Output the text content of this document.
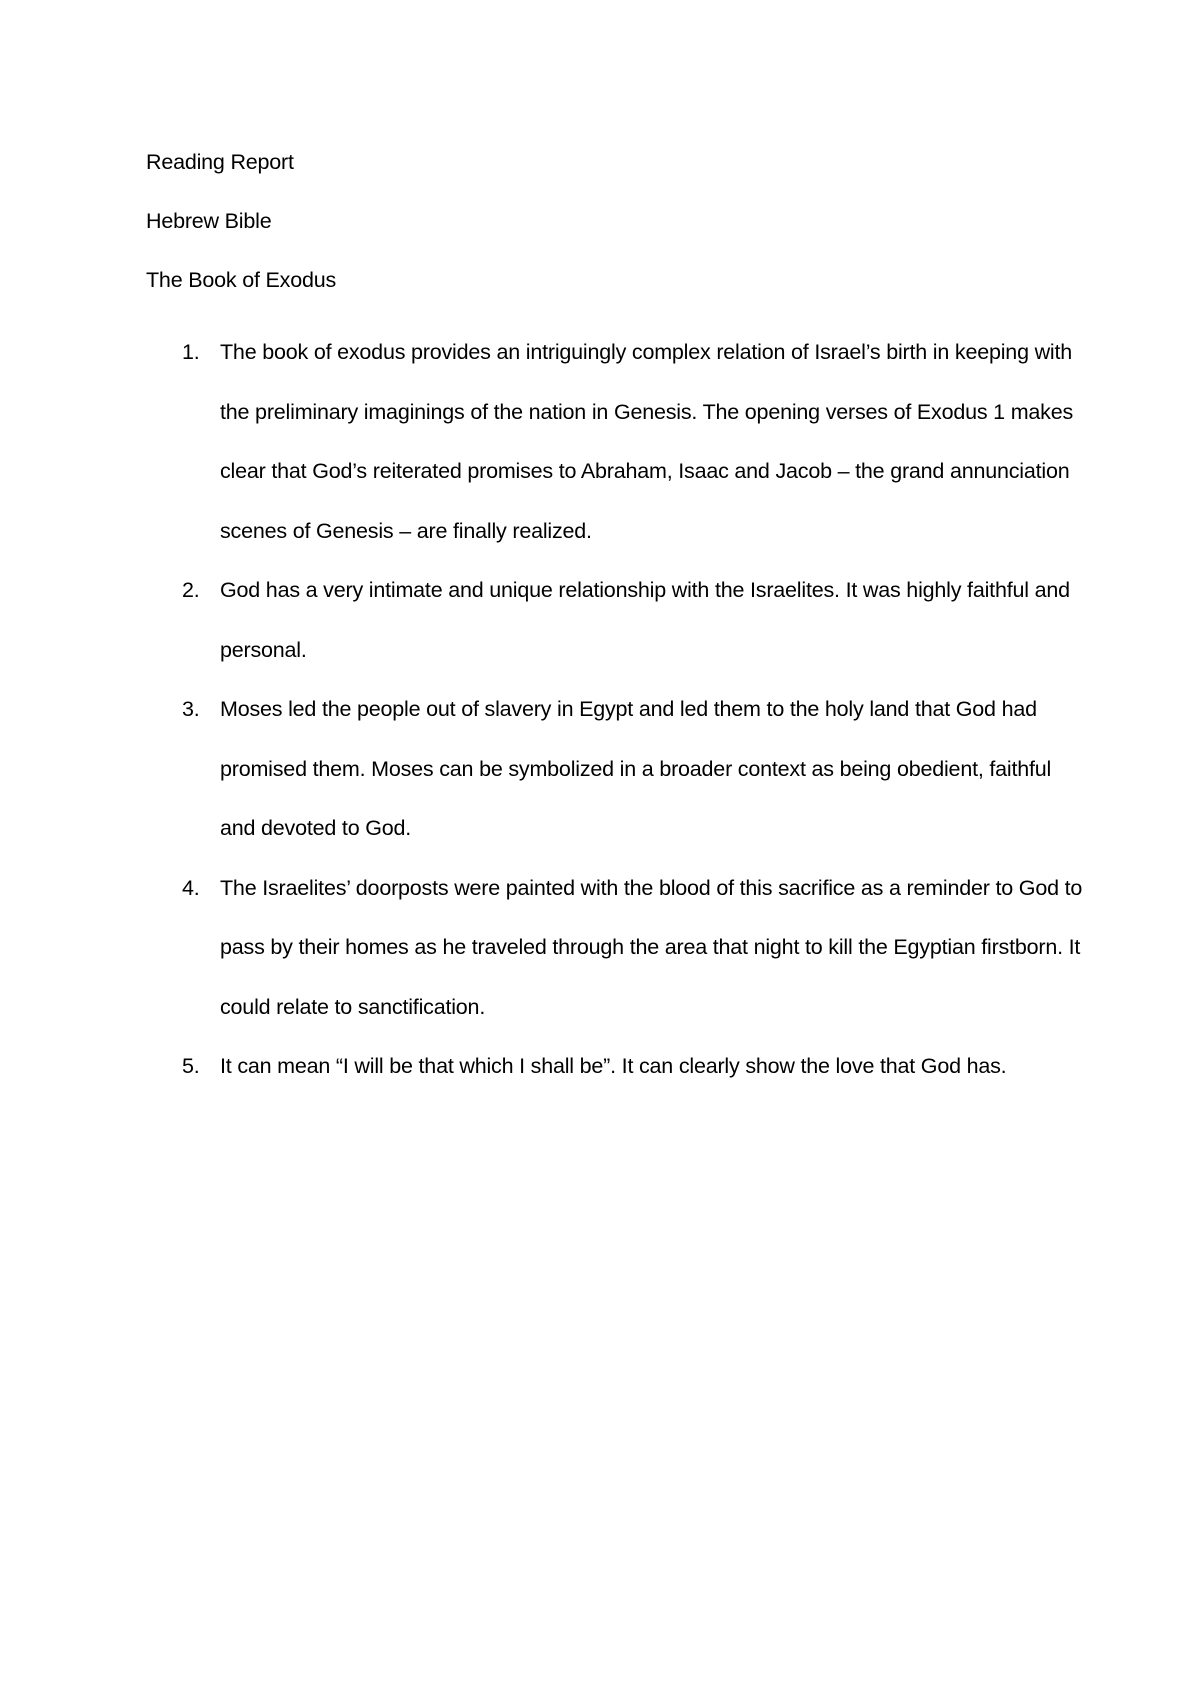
Reading Report

Hebrew Bible

The Book of Exodus

1. The book of exodus provides an intriguingly complex relation of Israel’s birth in keeping with the preliminary imaginings of the nation in Genesis. The opening verses of Exodus 1 makes clear that God’s reiterated promises to Abraham, Isaac and Jacob – the grand annunciation scenes of Genesis – are finally realized.
2. God has a very intimate and unique relationship with the Israelites. It was highly faithful and personal.
3. Moses led the people out of slavery in Egypt and led them to the holy land that God had promised them. Moses can be symbolized in a broader context as being obedient, faithful and devoted to God.
4. The Israelites’ doorposts were painted with the blood of this sacrifice as a reminder to God to pass by their homes as he traveled through the area that night to kill the Egyptian firstborn. It could relate to sanctification.
5. It can mean “I will be that which I shall be”. It can clearly show the love that God has.
